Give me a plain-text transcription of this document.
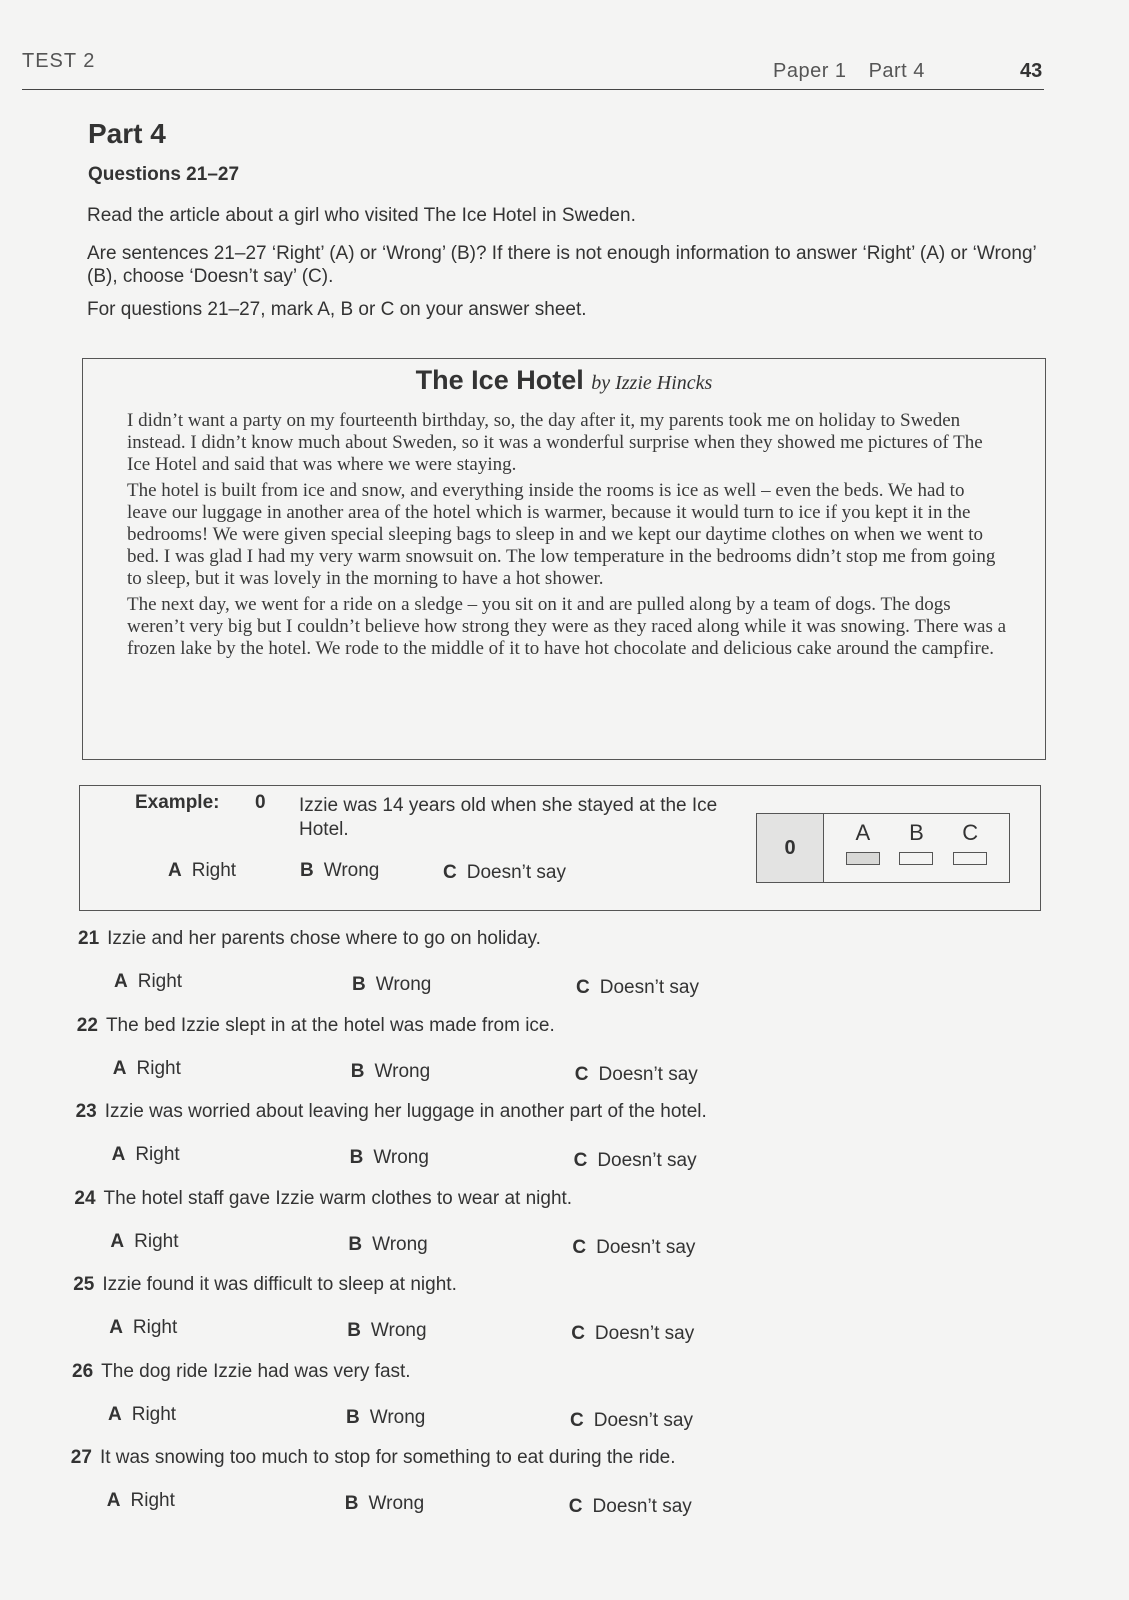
TEST 2	Paper 1 Part 4	43
Part 4
Questions 21–27
Read the article about a girl who visited The Ice Hotel in Sweden.
Are sentences 21–27 ‘Right’ (A) or ‘Wrong’ (B)? If there is not enough information to answer ‘Right’ (A) or ‘Wrong’ (B), choose ‘Doesn’t say’ (C).
For questions 21–27, mark A, B or C on your answer sheet.
The Ice Hotel by Izzie Hincks

I didn’t want a party on my fourteenth birthday, so, the day after it, my parents took me on holiday to Sweden instead. I didn’t know much about Sweden, so it was a wonderful surprise when they showed me pictures of The Ice Hotel and said that was where we were staying.

The hotel is built from ice and snow, and everything inside the rooms is ice as well – even the beds. We had to leave our luggage in another area of the hotel which is warmer, because it would turn to ice if you kept it in the bedrooms! We were given special sleeping bags to sleep in and we kept our daytime clothes on when we went to bed. I was glad I had my very warm snowsuit on. The low temperature in the bedrooms didn’t stop me from going to sleep, but it was lovely in the morning to have a hot shower.

The next day, we went for a ride on a sledge – you sit on it and are pulled along by a team of dogs. The dogs weren’t very big but I couldn’t believe how strong they were as they raced along while it was snowing. There was a frozen lake by the hotel. We rode to the middle of it to have hot chocolate and delicious cake around the campfire.

Example: 0 Izzie was 14 years old when she stayed at the Ice Hotel.
A Right	B Wrong	C Doesn’t say
0
A	B	C
21 Izzie and her parents chose where to go on holiday.
A Right	B Wrong	C Doesn’t say
22 The bed Izzie slept in at the hotel was made from ice.
A Right	B Wrong	C Doesn’t say
23 Izzie was worried about leaving her luggage in another part of the hotel.
A Right	B Wrong	C Doesn’t say
24 The hotel staff gave Izzie warm clothes to wear at night.
A Right	B Wrong	C Doesn’t say
25 Izzie found it was difficult to sleep at night.
A Right	B Wrong	C Doesn’t say
26 The dog ride Izzie had was very fast.
A Right	B Wrong	C Doesn’t say
27 It was snowing too much to stop for something to eat during the ride.
A Right	B Wrong	C Doesn’t say
